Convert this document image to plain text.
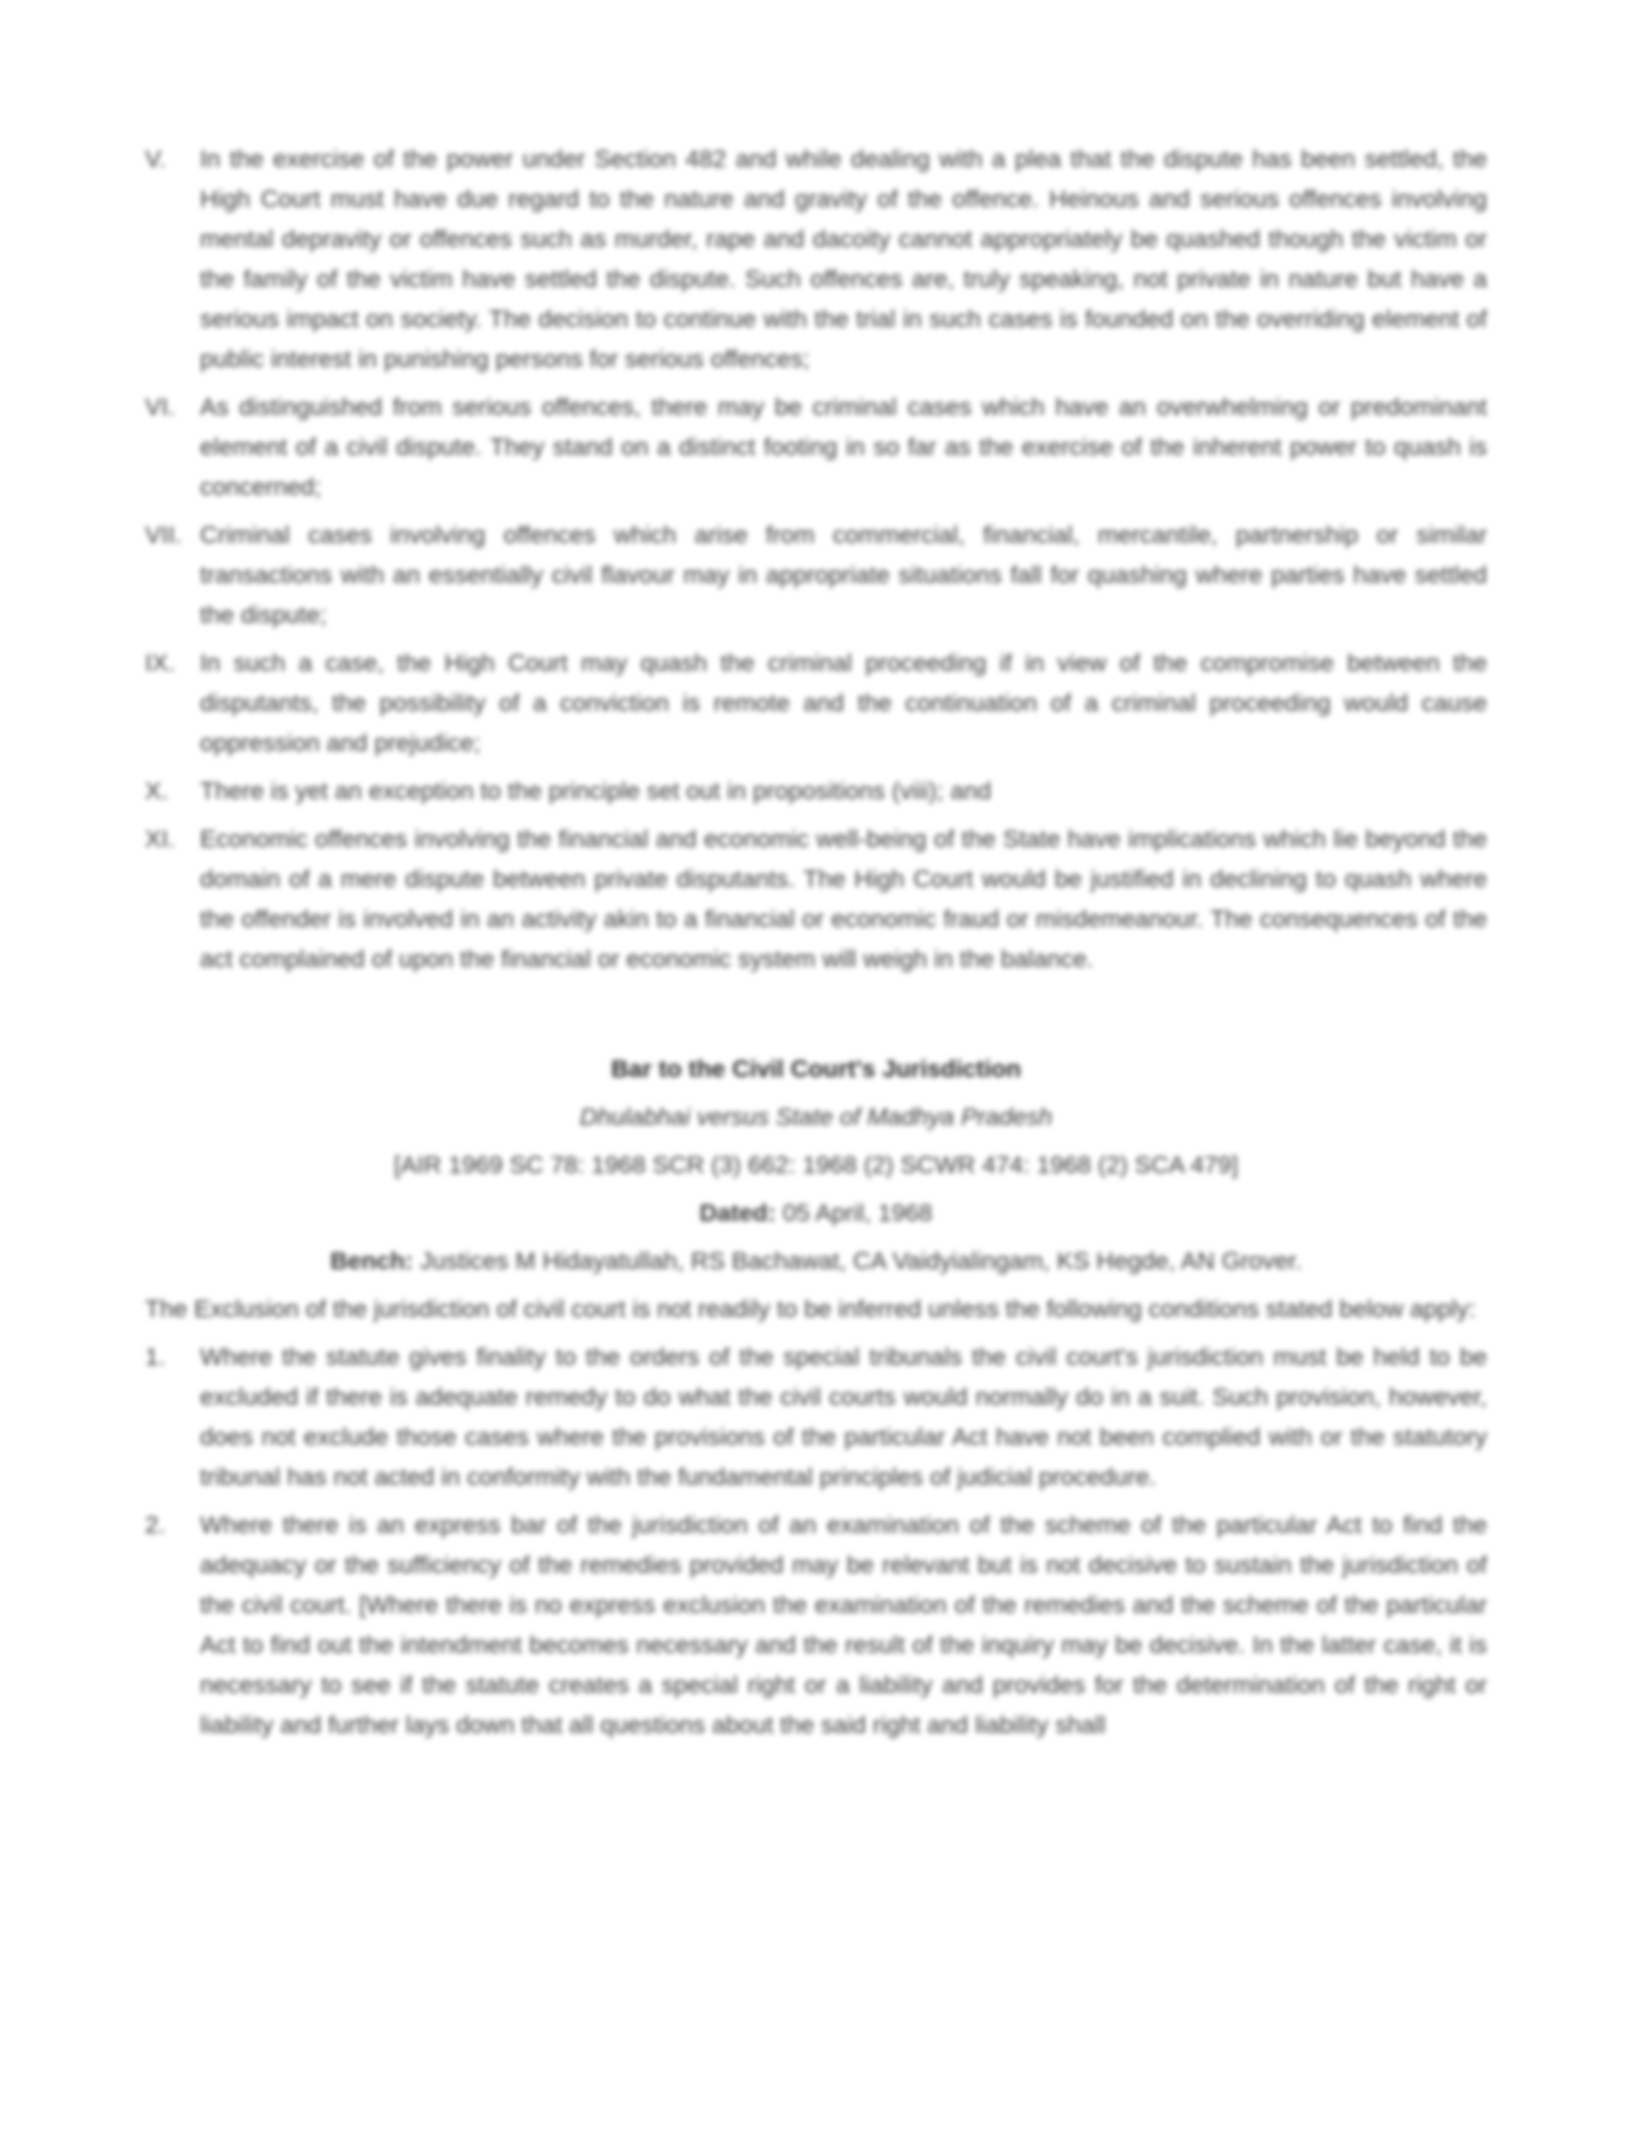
V.	In the exercise of the power under Section 482 and while dealing with a plea that the dispute has been settled, the High Court must have due regard to the nature and gravity of the offence. Heinous and serious offences involving mental depravity or offences such as murder, rape and dacoity cannot appropriately be quashed though the victim or the family of the victim have settled the dispute. Such offences are, truly speaking, not private in nature but have a serious impact on society. The decision to continue with the trial in such cases is founded on the overriding element of public interest in punishing persons for serious offences;
VI.	As distinguished from serious offences, there may be criminal cases which have an overwhelming or predominant element of a civil dispute. They stand on a distinct footing in so far as the exercise of the inherent power to quash is concerned;
VII. Criminal cases involving offences which arise from commercial, financial, mercantile, partnership or similar transactions with an essentially civil flavour may in appropriate situations fall for quashing where parties have settled the dispute;
IX.	In such a case, the High Court may quash the criminal proceeding if in view of the compromise between the disputants, the possibility of a conviction is remote and the continuation of a criminal proceeding would cause oppression and prejudice;
X.	There is yet an exception to the principle set out in propositions (viii); and
XI.	Economic offences involving the financial and economic well-being of the State have implications which lie beyond the domain of a mere dispute between private disputants. The High Court would be justified in declining to quash where the offender is involved in an activity akin to a financial or economic fraud or misdemeanour. The consequences of the act complained of upon the financial or economic system will weigh in the balance.
Bar to the Civil Court's Jurisdiction
Dhulabhai versus State of Madhya Pradesh
[AIR 1969 SC 78: 1968 SCR (3) 662: 1968 (2) SCWR 474: 1968 (2) SCA 479]
Dated: 05 April, 1968
Bench: Justices M Hidayatullah, RS Bachawat, CA Vaidyialingam, KS Hegde, AN Grover.
The Exclusion of the jurisdiction of civil court is not readily to be inferred unless the following conditions stated below apply:
1.	Where the statute gives finality to the orders of the special tribunals the civil court's jurisdiction must be held to be excluded if there is adequate remedy to do what the civil courts would normally do in a suit. Such provision, however, does not exclude those cases where the provisions of the particular Act have not been complied with or the statutory tribunal has not acted in conformity with the fundamental principles of judicial procedure.
2.	Where there is an express bar of the jurisdiction of an examination of the scheme of the particular Act to find the adequacy or the sufficiency of the remedies provided may be relevant but is not decisive to sustain the jurisdiction of the civil court. [Where there is no express exclusion the examination of the remedies and the scheme of the particular Act to find out the intendment becomes necessary and the result of the inquiry may be decisive. In the latter case, it is necessary to see if the statute creates a special right or a liability and provides for the determination of the right or liability and further lays down that all questions about the said right and liability shall
